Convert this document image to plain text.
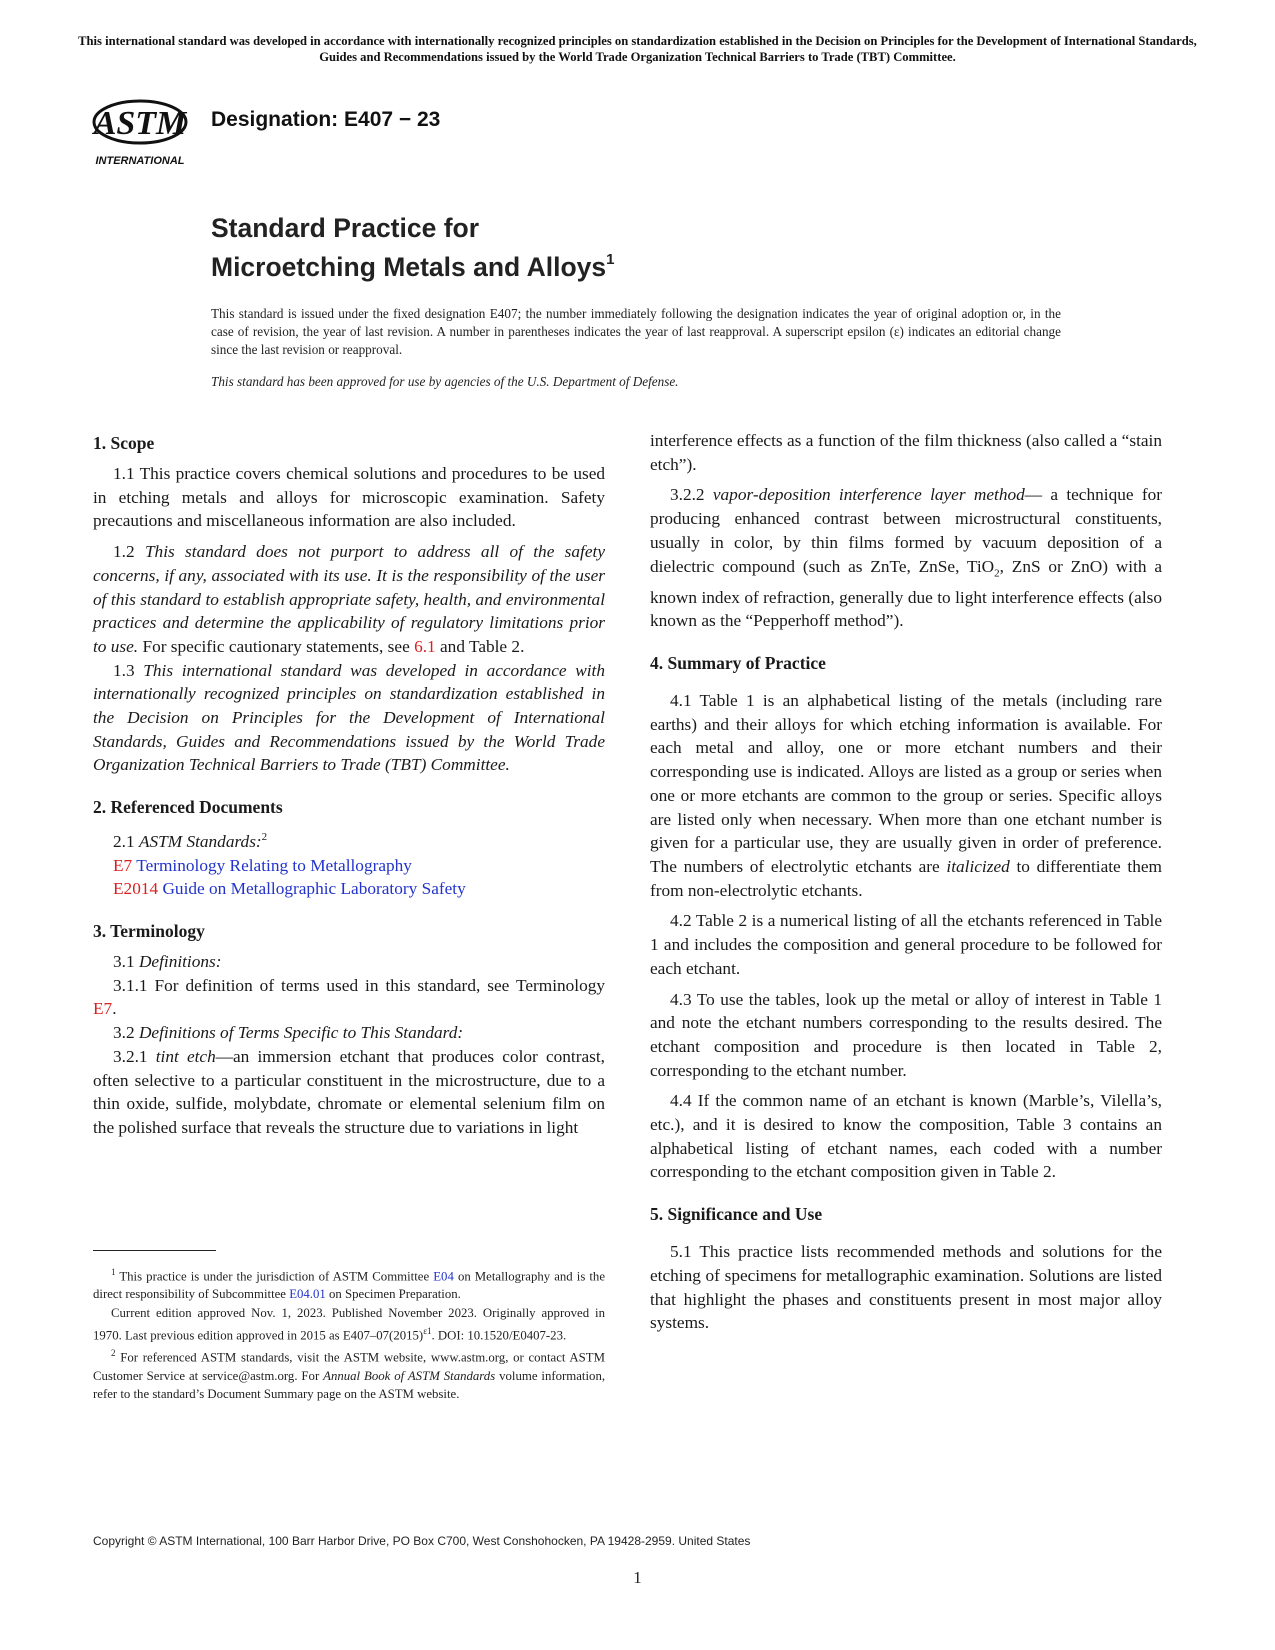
This international standard was developed in accordance with internationally recognized principles on standardization established in the Decision on Principles for the Development of International Standards, Guides and Recommendations issued by the World Trade Organization Technical Barriers to Trade (TBT) Committee.
ASTM
INTERNATIONAL
Designation: E407 − 23
Standard Practice for
Microetching Metals and Alloys$^1$
This standard is issued under the fixed designation E407; the number immediately following the designation indicates the year of original adoption or, in the case of revision, the year of last revision. A number in parentheses indicates the year of last reapproval. A superscript epsilon (ε) indicates an editorial change since the last revision or reapproval.
This standard has been approved for use by agencies of the U.S. Department of Defense.
1. Scope

1.1 This practice covers chemical solutions and procedures to be used in etching metals and alloys for microscopic examination. Safety precautions and miscellaneous information are also included.

1.2 This standard does not purport to address all of the safety concerns, if any, associated with its use. It is the responsibility of the user of this standard to establish appropriate safety, health, and environmental practices and determine the applicability of regulatory limitations prior to use. For specific cautionary statements, see 6.1 and Table 2.

1.3 This international standard was developed in accordance with internationally recognized principles on standardization established in the Decision on Principles for the Development of International Standards, Guides and Recommendations issued by the World Trade Organization Technical Barriers to Trade (TBT) Committee.

2. Referenced Documents

2.1 ASTM Standards:$^2$

E7 Terminology Relating to Metallography

E2014 Guide on Metallographic Laboratory Safety

3. Terminology

3.1 Definitions:

3.1.1 For definition of terms used in this standard, see Terminology E7.

3.2 Definitions of Terms Specific to This Standard:

3.2.1 tint etch—an immersion etchant that produces color contrast, often selective to a particular constituent in the microstructure, due to a thin oxide, sulfide, molybdate, chromate or elemental selenium film on the polished surface that reveals the structure due to variations in light

$^1$ This practice is under the jurisdiction of ASTM Committee E04 on Metallography and is the direct responsibility of Subcommittee E04.01 on Specimen Preparation.

Current edition approved Nov. 1, 2023. Published November 2023. Originally approved in 1970. Last previous edition approved in 2015 as $E407-07(2015)^{\varepsilon 1}$. DOI: 10.1520/E0407-23.

$^2$ For referenced ASTM standards, visit the ASTM website, www.astm.org, or contact ASTM Customer Service at service@astm.org. For Annual Book of ASTM Standards volume information, refer to the standard’s Document Summary page on the ASTM website.

interference effects as a function of the film thickness (also called a “stain etch”).

3.2.2 vapor-deposition interference layer method— a technique for producing enhanced contrast between microstructural constituents, usually in color, by thin films formed by vacuum deposition of a dielectric compound (such as ZnTe, ZnSe, TiO$_2$, ZnS or ZnO) with a known index of refraction, generally due to light interference effects (also known as the “Pepperhoff method”).

4. Summary of Practice

4.1 Table 1 is an alphabetical listing of the metals (including rare earths) and their alloys for which etching information is available. For each metal and alloy, one or more etchant numbers and their corresponding use is indicated. Alloys are listed as a group or series when one or more etchants are common to the group or series. Specific alloys are listed only when necessary. When more than one etchant number is given for a particular use, they are usually given in order of preference. The numbers of electrolytic etchants are italicized to differentiate them from non-electrolytic etchants.

4.2 Table 2 is a numerical listing of all the etchants referenced in Table 1 and includes the composition and general procedure to be followed for each etchant.

4.3 To use the tables, look up the metal or alloy of interest in Table 1 and note the etchant numbers corresponding to the results desired. The etchant composition and procedure is then located in Table 2, corresponding to the etchant number.

4.4 If the common name of an etchant is known (Marble’s, Vilella’s, etc.), and it is desired to know the composition, Table 3 contains an alphabetical listing of etchant names, each coded with a number corresponding to the etchant composition given in Table 2.

5. Significance and Use

5.1 This practice lists recommended methods and solutions for the etching of specimens for metallographic examination. Solutions are listed that highlight the phases and constituents present in most major alloy systems.

Copyright © ASTM International, 100 Barr Harbor Drive, PO Box C700, West Conshohocken, PA 19428-2959. United States
1
